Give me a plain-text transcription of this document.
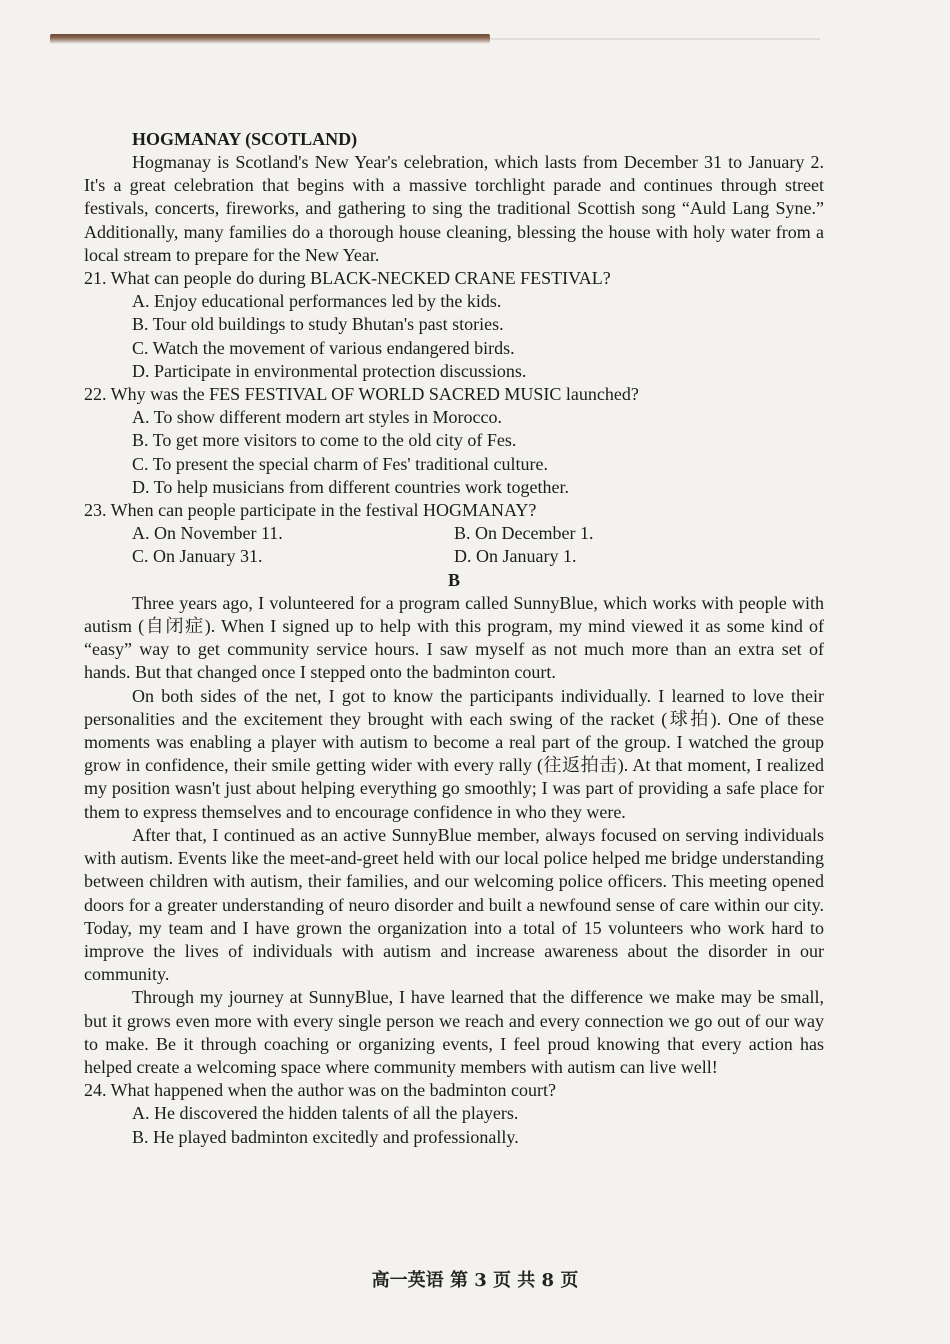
HOGMANAY (SCOTLAND)

Hogmanay is Scotland's New Year's celebration, which lasts from December 31 to January 2. It's a great celebration that begins with a massive torchlight parade and continues through street festivals, concerts, fireworks, and gathering to sing the traditional Scottish song “Auld Lang Syne.” Additionally, many families do a thorough house cleaning, blessing the house with holy water from a local stream to prepare for the New Year.

21. What can people do during BLACK-NECKED CRANE FESTIVAL?

A. Enjoy educational performances led by the kids.

B. Tour old buildings to study Bhutan's past stories.

C. Watch the movement of various endangered birds.

D. Participate in environmental protection discussions.

22. Why was the FES FESTIVAL OF WORLD SACRED MUSIC launched?

A. To show different modern art styles in Morocco.

B. To get more visitors to come to the old city of Fes.

C. To present the special charm of Fes' traditional culture.

D. To help musicians from different countries work together.

23. When can people participate in the festival HOGMANAY?

A. On November 11.	B. On December 1.
C. On January 31.	D. On January 1.

B

Three years ago, I volunteered for a program called SunnyBlue, which works with people with autism (自闭症). When I signed up to help with this program, my mind viewed it as some kind of “easy” way to get community service hours. I saw myself as not much more than an extra set of hands. But that changed once I stepped onto the badminton court.

On both sides of the net, I got to know the participants individually. I learned to love their personalities and the excitement they brought with each swing of the racket (球拍). One of these moments was enabling a player with autism to become a real part of the group. I watched the group grow in confidence, their smile getting wider with every rally (往返拍击). At that moment, I realized my position wasn't just about helping everything go smoothly; I was part of providing a safe place for them to express themselves and to encourage confidence in who they were.

After that, I continued as an active SunnyBlue member, always focused on serving individuals with autism. Events like the meet-and-greet held with our local police helped me bridge understanding between children with autism, their families, and our welcoming police officers. This meeting opened doors for a greater understanding of neuro disorder and built a newfound sense of care within our city. Today, my team and I have grown the organization into a total of 15 volunteers who work hard to improve the lives of individuals with autism and increase awareness about the disorder in our community.

Through my journey at SunnyBlue, I have learned that the difference we make may be small, but it grows even more with every single person we reach and every connection we go out of our way to make. Be it through coaching or organizing events, I feel proud knowing that every action has helped create a welcoming space where community members with autism can live well!

24. What happened when the author was on the badminton court?

A. He discovered the hidden talents of all the players.

B. He played badminton excitedly and professionally.

高一英语 第 3 页 共 8 页
